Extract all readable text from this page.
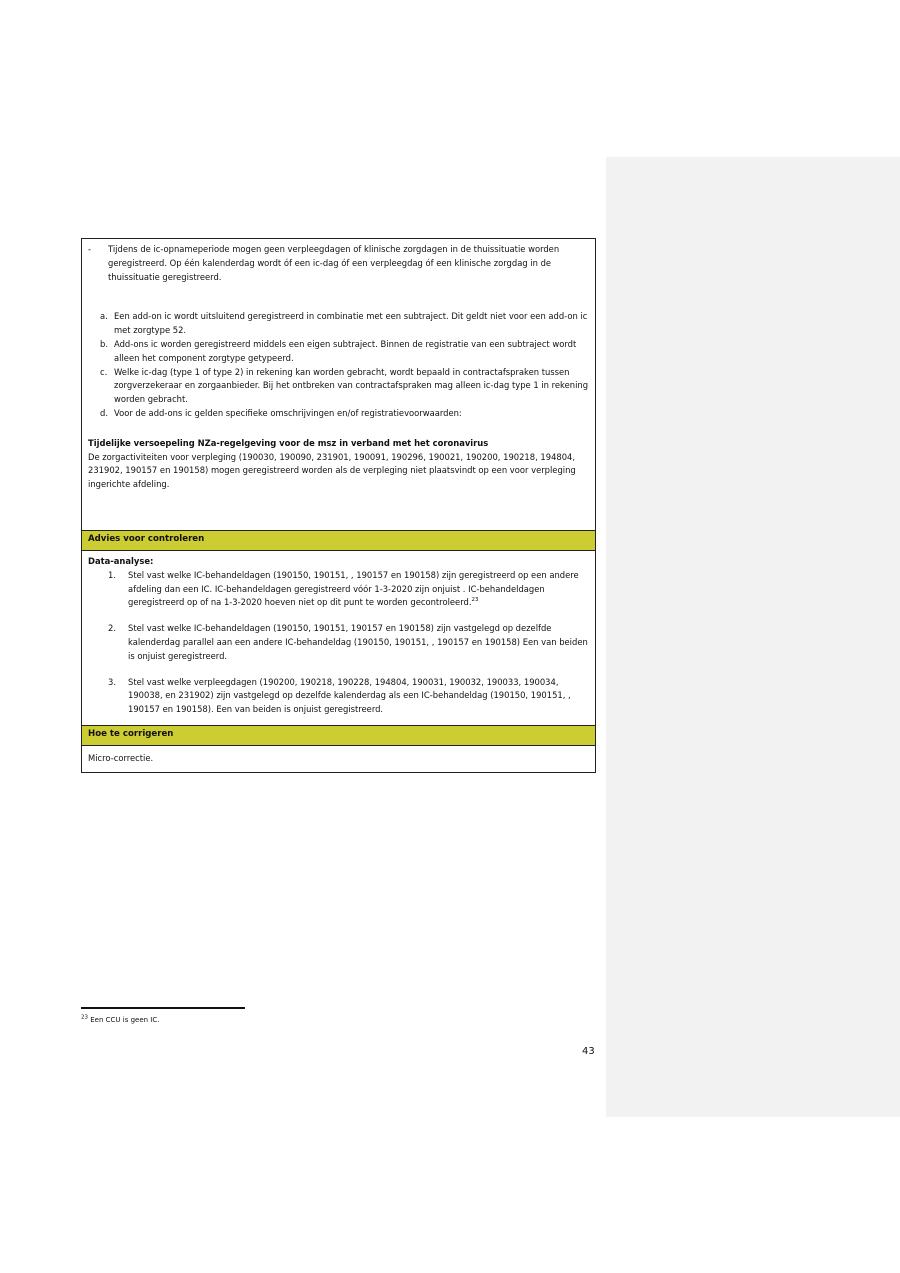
-	Tijdens de ic-opnameperiode mogen geen verpleegdagen of klinische zorgdagen in de thuissituatie worden geregistreerd. Op één kalenderdag wordt óf een ic-dag óf een verpleegdag óf een klinische zorgdag in de thuissituatie geregistreerd.
a. Een add-on ic wordt uitsluitend geregistreerd in combinatie met een subtraject. Dit geldt niet voor een add-on ic met zorgtype 52.
b. Add-ons ic worden geregistreerd middels een eigen subtraject. Binnen de registratie van een subtraject wordt alleen het component zorgtype getypeerd.
c. Welke ic-dag (type 1 of type 2) in rekening kan worden gebracht, wordt bepaald in contractafspraken tussen zorgverzekeraar en zorgaanbieder. Bij het ontbreken van contractafspraken mag alleen ic-dag type 1 in rekening worden gebracht.
d. Voor de add-ons ic gelden specifieke omschrijvingen en/of registratievoorwaarden:
Tijdelijke versoepeling NZa-regelgeving voor de msz in verband met het coronavirus
De zorgactiviteiten voor verpleging (190030, 190090, 231901, 190091, 190296, 190021, 190200, 190218, 194804, 231902, 190157 en 190158) mogen geregistreerd worden als de verpleging niet plaatsvindt op een voor verpleging ingerichte afdeling.
Advies voor controleren
Data-analyse:
1.	Stel vast welke IC-behandeldagen (190150, 190151, , 190157 en 190158) zijn geregistreerd op een andere afdeling dan een IC. IC-behandeldagen geregistreerd vóór 1-3-2020 zijn onjuist . IC-behandeldagen geregistreerd op of na 1-3-2020 hoeven niet op dit punt te worden gecontroleerd.$^{23}$
2.	Stel vast welke IC-behandeldagen (190150, 190151, 190157 en 190158) zijn vastgelegd op dezelfde kalenderdag parallel aan een andere IC-behandeldag (190150, 190151, , 190157 en 190158) Een van beiden is onjuist geregistreerd.
3.	Stel vast welke verpleegdagen (190200, 190218, 190228, 194804, 190031, 190032, 190033, 190034, 190038, en 231902) zijn vastgelegd op dezelfde kalenderdag als een IC-behandeldag (190150, 190151, , 190157 en 190158). Een van beiden is onjuist geregistreerd.
Hoe te corrigeren
Micro-correctie.
$^{23}$ Een CCU is geen IC.
43
